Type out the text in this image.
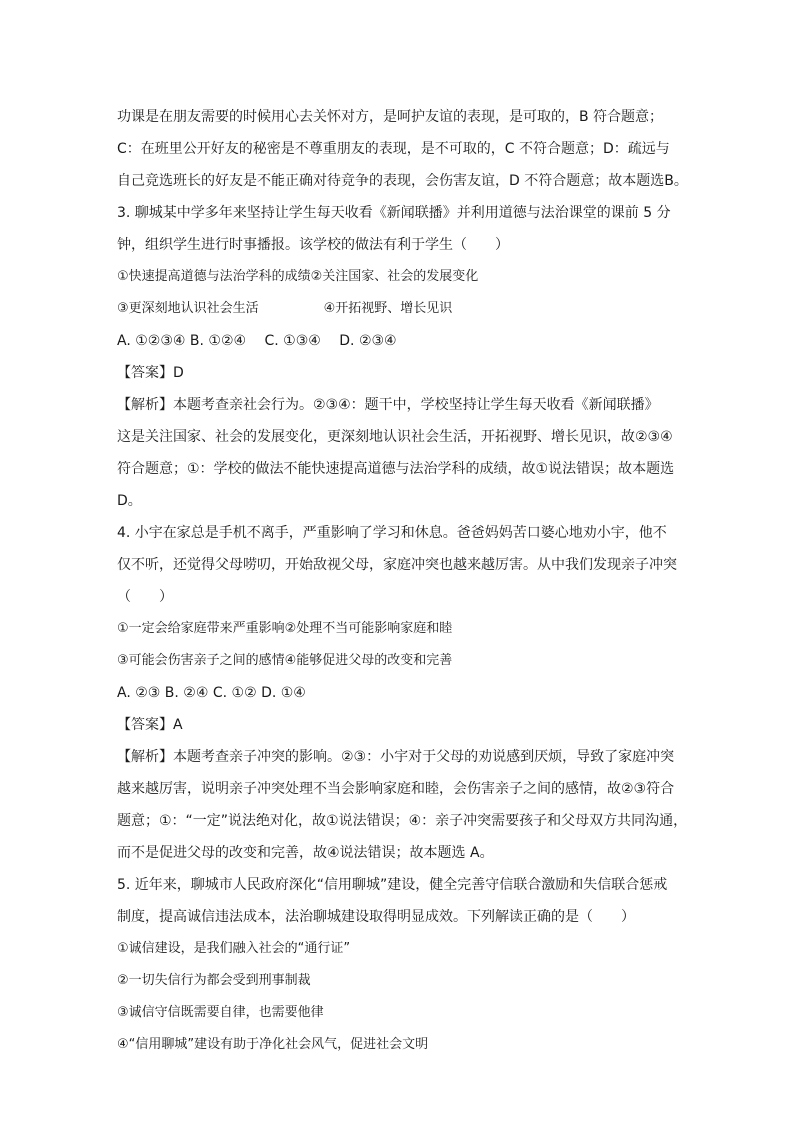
功课是在朋友需要的时候用心去关怀对方，是呵护友谊的表现，是可取的，B 符合题意；
C：在班里公开好友的秘密是不尊重朋友的表现，是不可取的，C 不符合题意；D：疏远与
自己竞选班长的好友是不能正确对待竞争的表现，会伤害友谊，D 不符合题意；故本题选B。
3. 聊城某中学多年来坚持让学生每天收看《新闻联播》并利用道德与法治课堂的课前 5 分
钟，组织学生进行时事播报。该学校的做法有利于学生（　　）
①快速提高道德与法治学科的成绩②关注国家、社会的发展变化
③更深刻地认识社会生活　　　　　④开拓视野、增长见识
A. ①②③④ B. ①②④　 C. ①③④　 D. ②③④
【答案】D
【解析】本题考查亲社会行为。②③④：题干中，学校坚持让学生每天收看《新闻联播》
这是关注国家、社会的发展变化，更深刻地认识社会生活，开拓视野、增长见识，故②③④
符合题意；①：学校的做法不能快速提高道德与法治学科的成绩，故①说法错误；故本题选
D。
4. 小宇在家总是手机不离手，严重影响了学习和休息。爸爸妈妈苦口婆心地劝小宇，他不
仅不听，还觉得父母唠叨，开始敌视父母，家庭冲突也越来越厉害。从中我们发现亲子冲突
（　　）
①一定会给家庭带来严重影响②处理不当可能影响家庭和睦
③可能会伤害亲子之间的感情④能够促进父母的改变和完善
A. ②③ B. ②④ C. ①② D. ①④
【答案】A
【解析】本题考查亲子冲突的影响。②③：小宇对于父母的劝说感到厌烦，导致了家庭冲突
越来越厉害，说明亲子冲突处理不当会影响家庭和睦，会伤害亲子之间的感情，故②③符合
题意；①：“一定”说法绝对化，故①说法错误；④：亲子冲突需要孩子和父母双方共同沟通，
而不是促进父母的改变和完善，故④说法错误；故本题选 A。
5. 近年来，聊城市人民政府深化“信用聊城”建设，健全完善守信联合激励和失信联合惩戒
制度，提高诚信违法成本，法治聊城建设取得明显成效。下列解读正确的是（　　）
①诚信建设，是我们融入社会的“通行证”
②一切失信行为都会受到刑事制裁
③诚信守信既需要自律，也需要他律
④“信用聊城”建设有助于净化社会风气，促进社会文明
